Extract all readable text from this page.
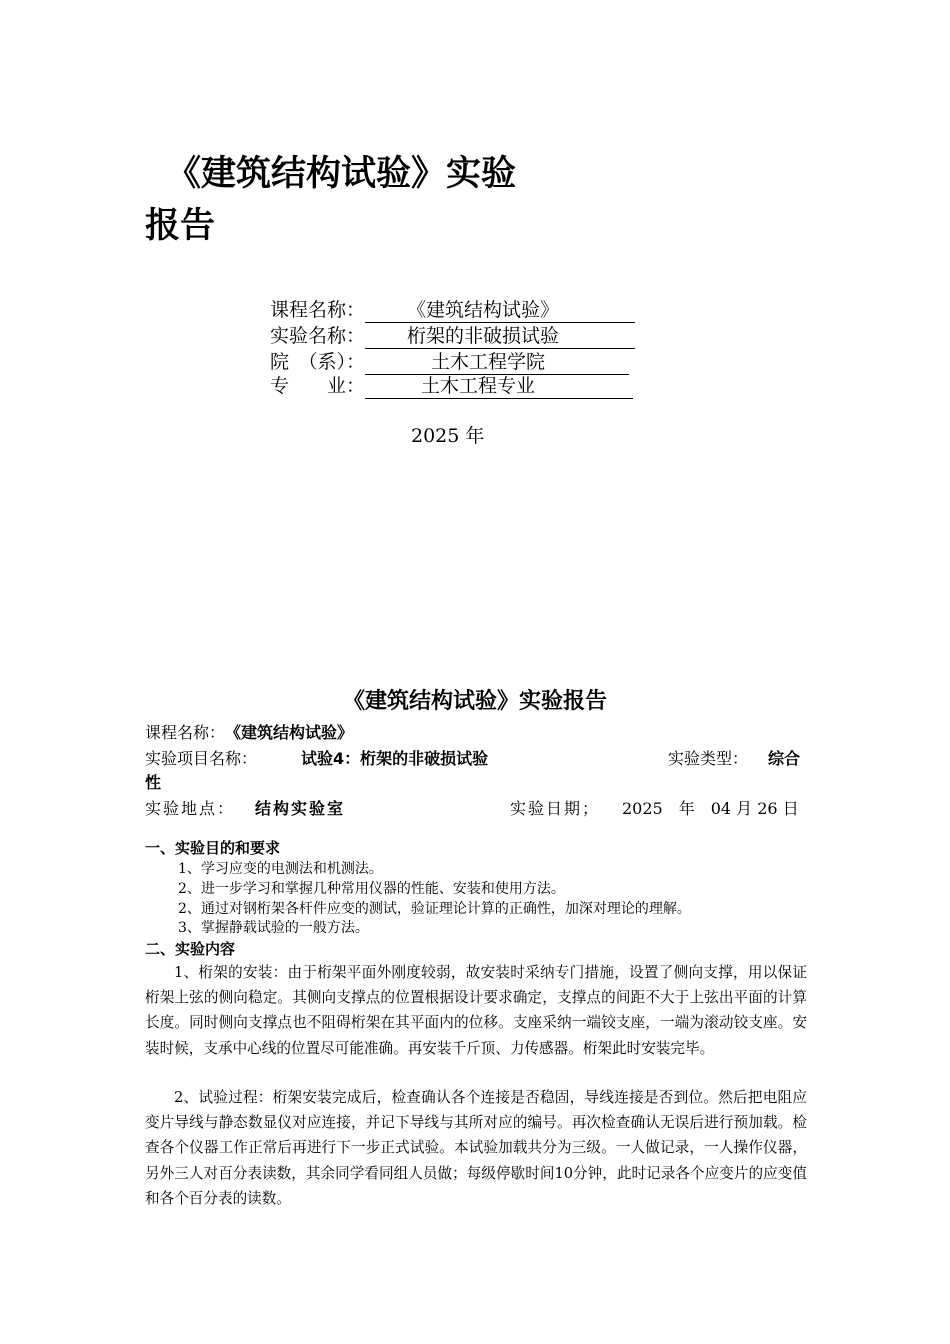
《建筑结构试验》实验
报告
课程名称： 《建筑结构试验》
实验名称： 桁架的非破损试验
院　（系）：	土木工程学院
专　　业：	土木工程专业
2025 年
《建筑结构试验》实验报告
课程名称： 《建筑结构试验》
实验项目名称：	试验4：桁架的非破损试验	实验类型： 综合
性
实验地点： 结构实验室	实验日期； 2025　年　04 月 26 日
一、实验目的和要求
1、学习应变的电测法和机测法。
2、进一步学习和掌握几种常用仪器的性能、安装和使用方法。
2、通过对钢桁架各杆件应变的测试，验证理论计算的正确性，加深对理论的理解。
3、掌握静载试验的一般方法。
二、实验内容

1、桁架的安装：由于桁架平面外刚度较弱，故安装时采纳专门措施，设置了侧向支撑，用以保证桁架上弦的侧向稳定。其侧向支撑点的位置根据设计要求确定，支撑点的间距不大于上弦出平面的计算长度。同时侧向支撑点也不阻碍桁架在其平面内的位移。支座采纳一端铰支座，一端为滚动铰支座。安装时候，支承中心线的位置尽可能准确。再安装千斤顶、力传感器。桁架此时安装完毕。

2、试验过程：桁架安装完成后，检查确认各个连接是否稳固，导线连接是否到位。然后把电阻应变片导线与静态数显仪对应连接，并记下导线与其所对应的编号。再次检查确认无误后进行预加载。检查各个仪器工作正常后再进行下一步正式试验。本试验加载共分为三级。一人做记录，一人操作仪器，另外三人对百分表读数，其余同学看同组人员做；每级停歇时间10分钟，此时记录各个应变片的应变值和各个百分表的读数。
